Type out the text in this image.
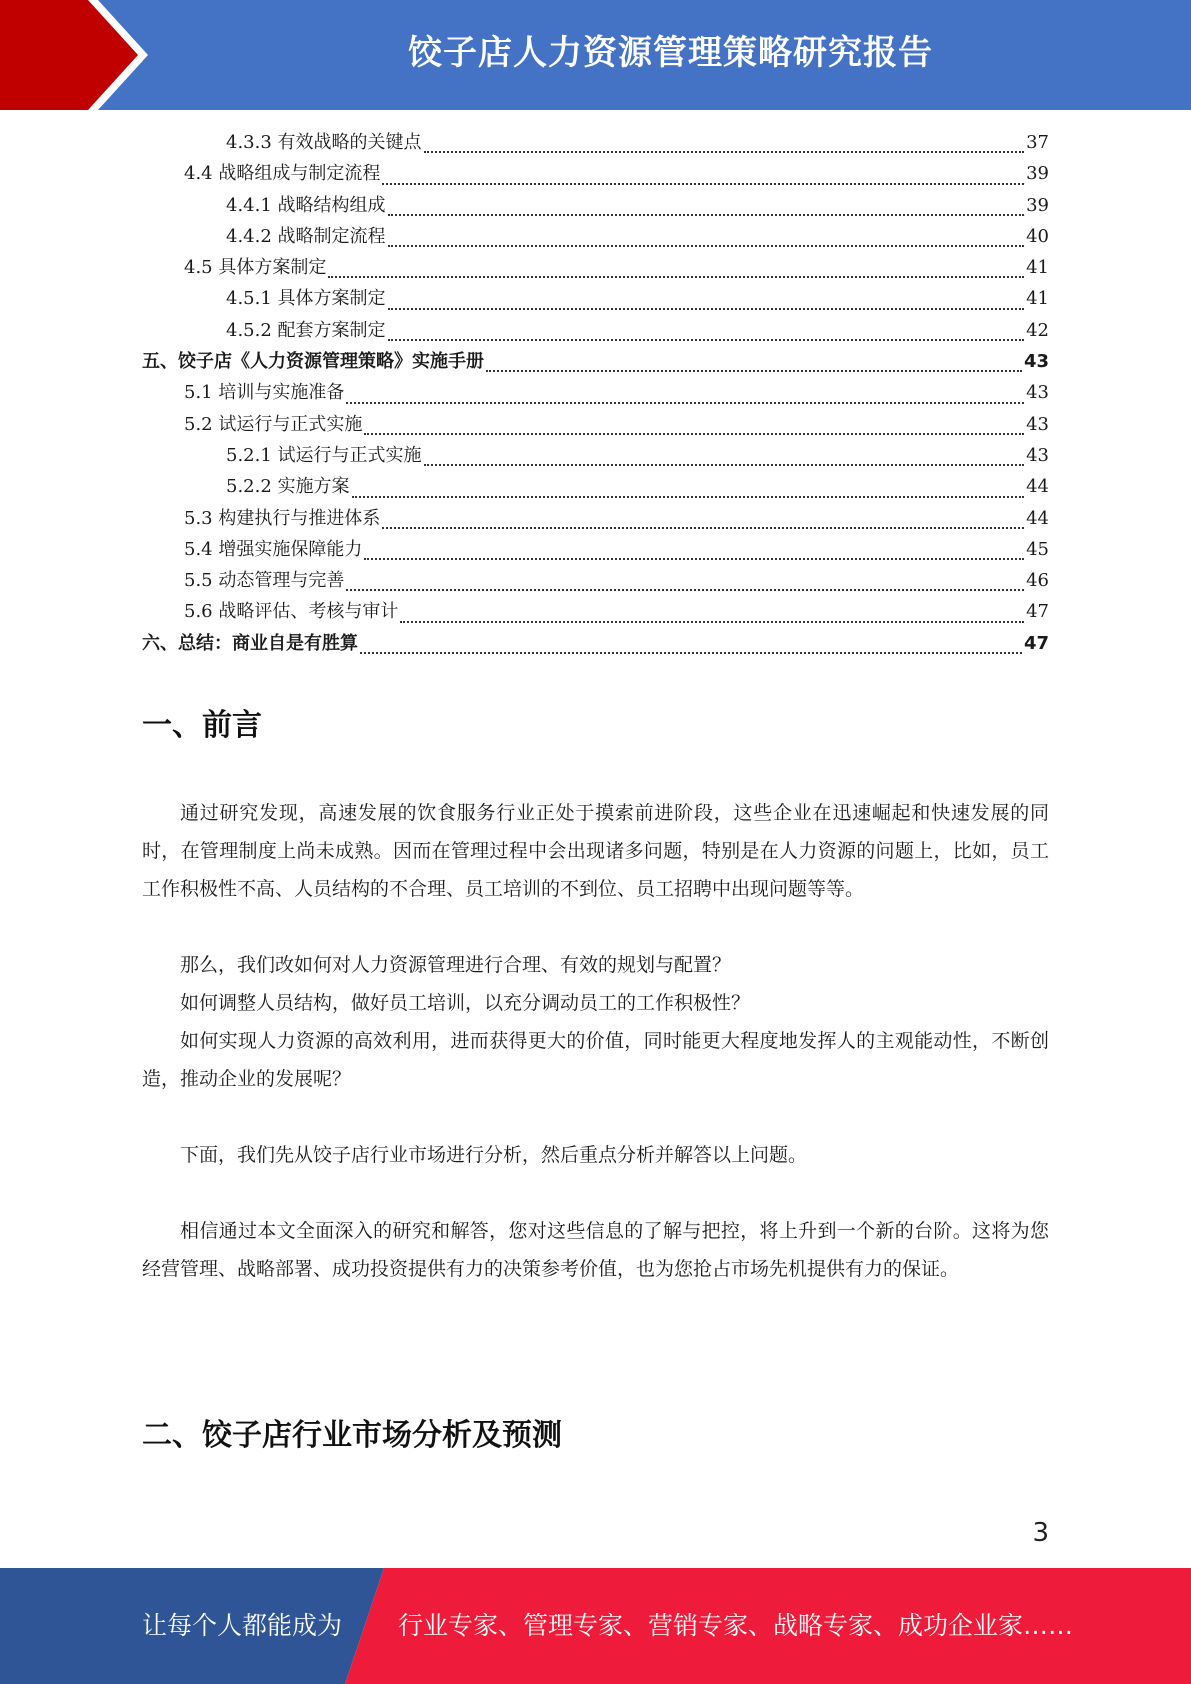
饺子店人力资源管理策略研究报告
4.3.3 有效战略的关键点	37
4.4 战略组成与制定流程	39
4.4.1 战略结构组成	39
4.4.2 战略制定流程	40
4.5 具体方案制定	41
4.5.1 具体方案制定	41
4.5.2 配套方案制定	42
五、饺子店《人力资源管理策略》实施手册	43
5.1 培训与实施准备	43
5.2 试运行与正式实施	43
5.2.1 试运行与正式实施	43
5.2.2 实施方案	44
5.3 构建执行与推进体系	44
5.4 增强实施保障能力	45
5.5 动态管理与完善	46
5.6 战略评估、考核与审计	47
六、总结：商业自是有胜算	47
一、前言

通过研究发现，高速发展的饮食服务行业正处于摸索前进阶段，这些企业在迅速崛起和快速发展的同时，在管理制度上尚未成熟。因而在管理过程中会出现诸多问题，特别是在人力资源的问题上，比如，员工工作积极性不高、人员结构的不合理、员工培训的不到位、员工招聘中出现问题等等。

那么，我们改如何对人力资源管理进行合理、有效的规划与配置？

如何调整人员结构，做好员工培训，以充分调动员工的工作积极性？

如何实现人力资源的高效利用，进而获得更大的价值，同时能更大程度地发挥人的主观能动性，不断创造，推动企业的发展呢？

下面，我们先从饺子店行业市场进行分析，然后重点分析并解答以上问题。

相信通过本文全面深入的研究和解答，您对这些信息的了解与把控，将上升到一个新的台阶。这将为您经营管理、战略部署、成功投资提供有力的决策参考价值，也为您抢占市场先机提供有力的保证。

二、饺子店行业市场分析及预测
3
让每个人都能成为 行业专家、管理专家、营销专家、战略专家、成功企业家……
